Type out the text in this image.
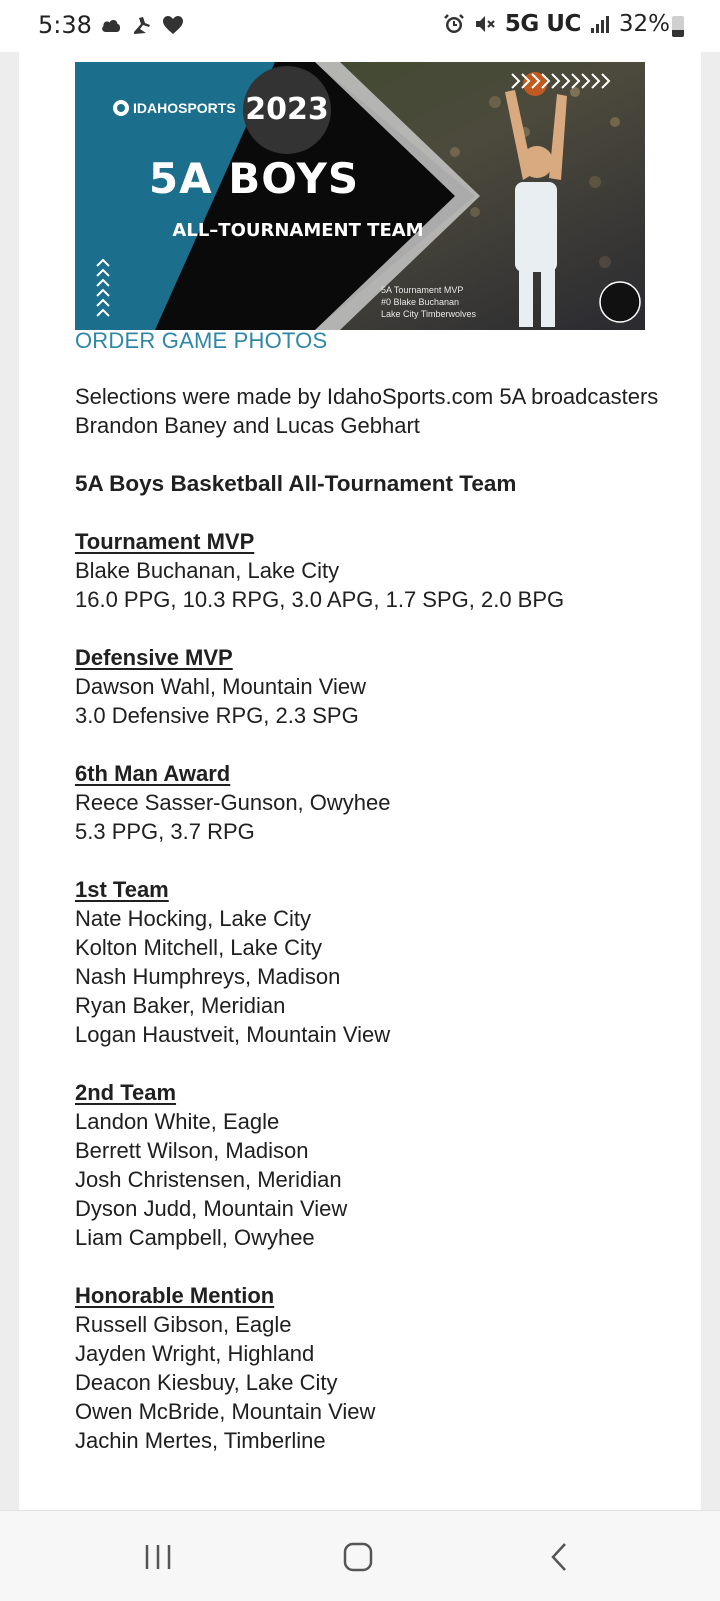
5:38	5G UC 32%
IDAHOSPORTS 2023
5A BOYS
ALL–TOURNAMENT TEAM
5A Tournament MVP
#0 Blake Buchanan
Lake City Timberwolves
ORDER GAME PHOTOS

Selections were made by IdahoSports.com 5A broadcasters Brandon Baney and Lucas Gebhart

5A Boys Basketball All-Tournament Team
Tournament MVP
Blake Buchanan, Lake City
16.0 PPG, 10.3 RPG, 3.0 APG, 1.7 SPG, 2.0 BPG
Defensive MVP
Dawson Wahl, Mountain View
3.0 Defensive RPG, 2.3 SPG
6th Man Award
Reece Sasser-Gunson, Owyhee
5.3 PPG, 3.7 RPG
1st Team
Nate Hocking, Lake City
Kolton Mitchell, Lake City
Nash Humphreys, Madison
Ryan Baker, Meridian
Logan Haustveit, Mountain View
2nd Team
Landon White, Eagle
Berrett Wilson, Madison
Josh Christensen, Meridian
Dyson Judd, Mountain View
Liam Campbell, Owyhee
Honorable Mention
Russell Gibson, Eagle
Jayden Wright, Highland
Deacon Kiesbuy, Lake City
Owen McBride, Mountain View
Jachin Mertes, Timberline
